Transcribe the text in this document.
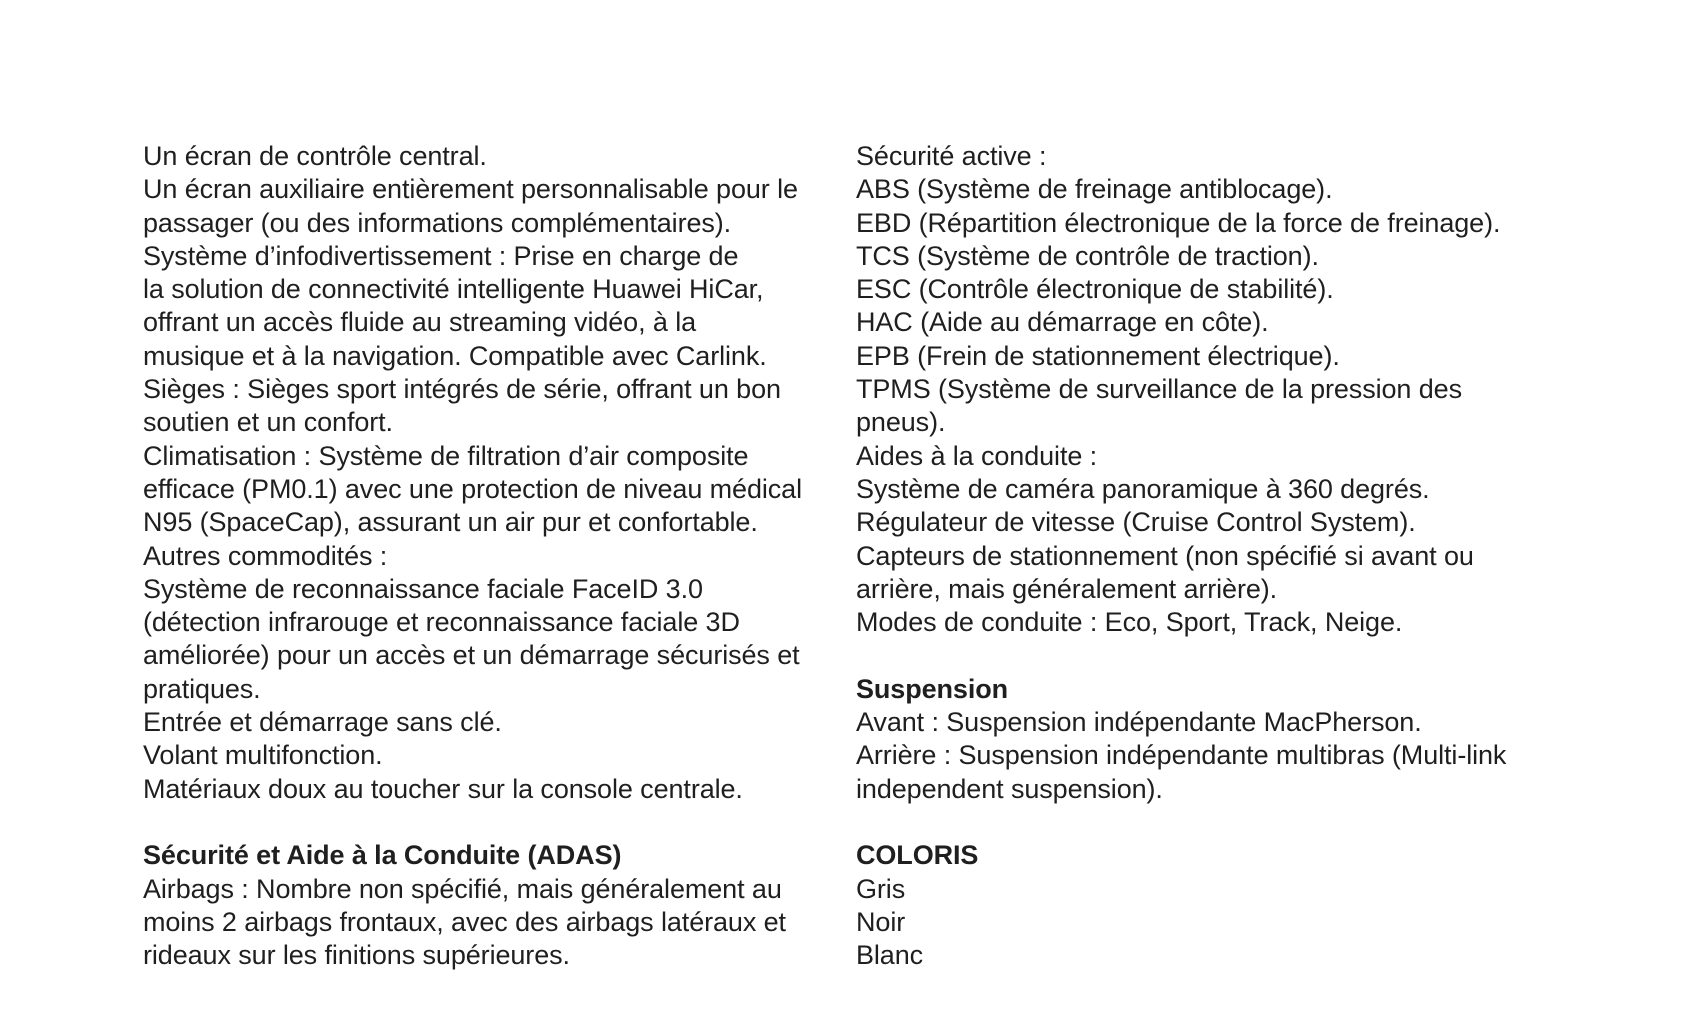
Un écran de contrôle central.
Un écran auxiliaire entièrement personnalisable pour le
passager (ou des informations complémentaires).
Système d’infodivertissement : Prise en charge de
la solution de connectivité intelligente Huawei HiCar,
offrant un accès fluide au streaming vidéo, à la
musique et à la navigation. Compatible avec Carlink.
Sièges : Sièges sport intégrés de série, offrant un bon
soutien et un confort.
Climatisation : Système de filtration d’air composite
efficace (PM0.1) avec une protection de niveau médical
N95 (SpaceCap), assurant un air pur et confortable.
Autres commodités :
Système de reconnaissance faciale FaceID 3.0
(détection infrarouge et reconnaissance faciale 3D
améliorée) pour un accès et un démarrage sécurisés et
pratiques.
Entrée et démarrage sans clé.
Volant multifonction.
Matériaux doux au toucher sur la console centrale.
Sécurité et Aide à la Conduite (ADAS)
Airbags : Nombre non spécifié, mais généralement au
moins 2 airbags frontaux, avec des airbags latéraux et
rideaux sur les finitions supérieures.
Sécurité active :
ABS (Système de freinage antiblocage).
EBD (Répartition électronique de la force de freinage).
TCS (Système de contrôle de traction).
ESC (Contrôle électronique de stabilité).
HAC (Aide au démarrage en côte).
EPB (Frein de stationnement électrique).
TPMS (Système de surveillance de la pression des
pneus).
Aides à la conduite :
Système de caméra panoramique à 360 degrés.
Régulateur de vitesse (Cruise Control System).
Capteurs de stationnement (non spécifié si avant ou
arrière, mais généralement arrière).
Modes de conduite : Eco, Sport, Track, Neige.
Suspension
Avant : Suspension indépendante MacPherson.
Arrière : Suspension indépendante multibras (Multi-link
independent suspension).
COLORIS
Gris
Noir
Blanc
